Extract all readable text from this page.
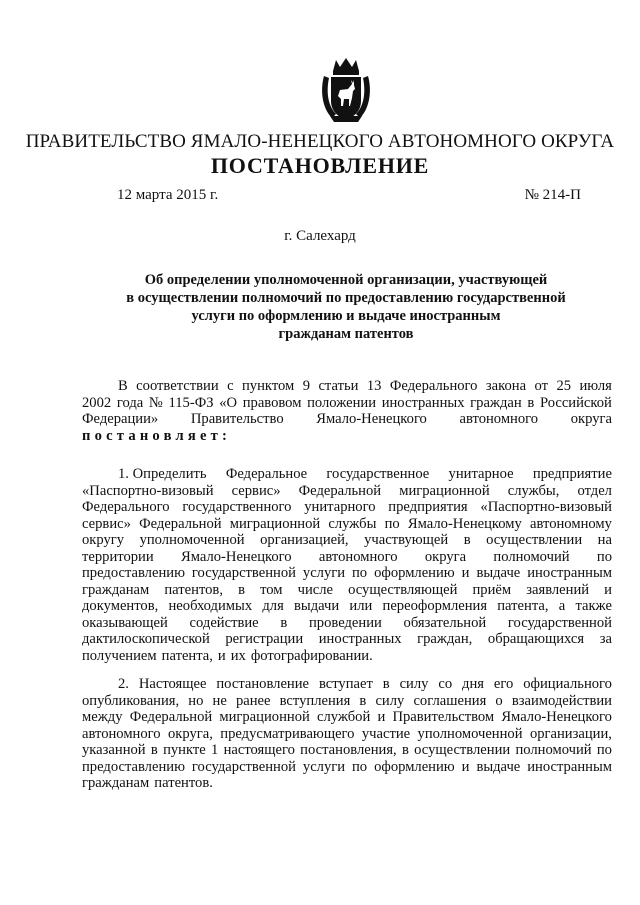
ПРАВИТЕЛЬСТВО ЯМАЛО-НЕНЕЦКОГО АВТОНОМНОГО ОКРУГА
ПОСТАНОВЛЕНИЕ
12 марта 2015 г.	№ 214-П
г. Салехард
Об определении уполномоченной организации, участвующей
в осуществлении полномочий по предоставлению государственной
услуги по оформлению и выдаче иностранным
гражданам патентов
В соответствии с пунктом 9 статьи 13 Федерального закона от 25 июля
2002 года № 115-ФЗ «О правовом положении иностранных граждан в Российской
Федерации» Правительство Ямало-Ненецкого автономного округа
постановляет:
1. Определить Федеральное государственное унитарное предприятие
«Паспортно-визовый сервис» Федеральной миграционной службы, отдел
Федерального государственного унитарного предприятия «Паспортно-визовый
сервис» Федеральной миграционной службы по Ямало-Ненецкому автономному
округу уполномоченной организацией, участвующей в осуществлении на
территории Ямало-Ненецкого автономного округа полномочий по
предоставлению государственной услуги по оформлению и выдаче иностранным
гражданам патентов, в том числе осуществляющей приём заявлений и
документов, необходимых для выдачи или переоформления патента, а также
оказывающей содействие в проведении обязательной государственной
дактилоскопической регистрации иностранных граждан, обращающихся за
получением патента, и их фотографировании.
2. Настоящее постановление вступает в силу со дня его официального
опубликования, но не ранее вступления в силу соглашения о взаимодействии
между Федеральной миграционной службой и Правительством Ямало-Ненецкого
автономного округа, предусматривающего участие уполномоченной организации,
указанной в пункте 1 настоящего постановления, в осуществлении полномочий по
предоставлению государственной услуги по оформлению и выдаче иностранным
гражданам патентов.
